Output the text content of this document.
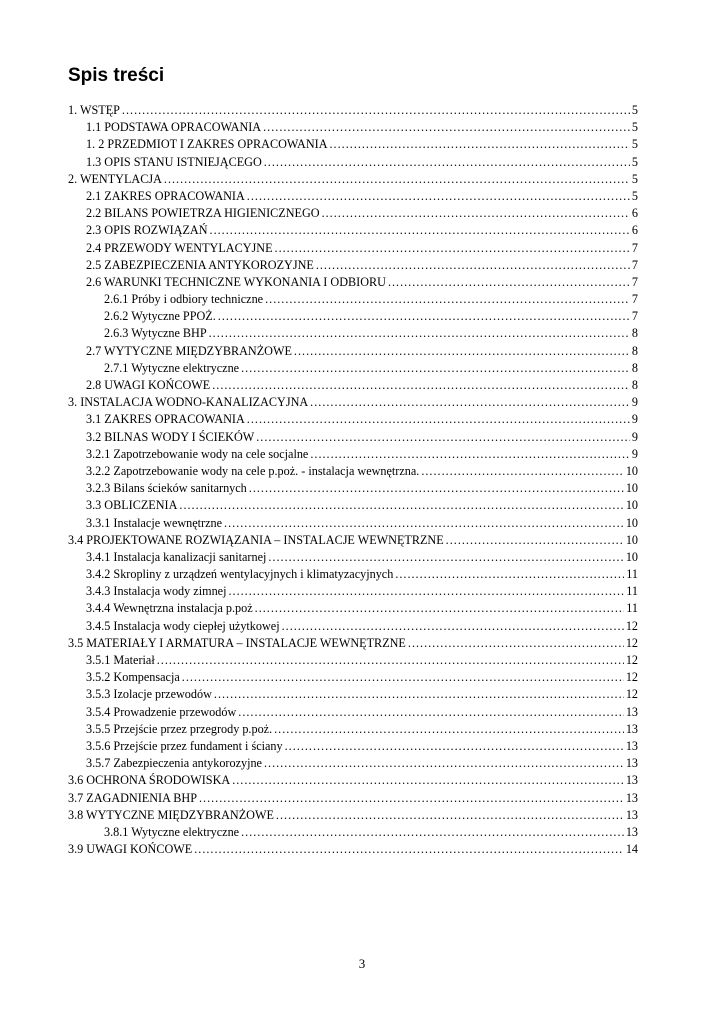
Spis treści
1. WSTĘP .....	5
1.1 PODSTAWA OPRACOWANIA .....	5
1. 2 PRZEDMIOT I ZAKRES OPRACOWANIA .....	5
1.3 OPIS STANU ISTNIEJĄCEGO .....	5
2. WENTYLACJA .....	5
2.1 ZAKRES OPRACOWANIA .....	5
2.2 BILANS POWIETRZA HIGIENICZNEGO .....	6
2.3 OPIS ROZWIĄZAŃ .....	6
2.4 PRZEWODY WENTYLACYJNE .....	7
2.5 ZABEZPIECZENIA ANTYKOROZYJNE .....	7
2.6 WARUNKI TECHNICZNE WYKONANIA I ODBIORU .....	7
2.6.1 Próby i odbiory techniczne .....	7
2.6.2 Wytyczne PPOŻ. .....	7
2.6.3 Wytyczne BHP .....	8
2.7 WYTYCZNE MIĘDZYBRANŻOWE .....	8
2.7.1 Wytyczne elektryczne .....	8
2.8 UWAGI KOŃCOWE .....	8
3. INSTALACJA WODNO-KANALIZACYJNA .....	9
3.1 ZAKRES OPRACOWANIA .....	9
3.2 BILNAS WODY I ŚCIEKÓW .....	9
3.2.1 Zapotrzebowanie wody na cele socjalne .....	9
3.2.2 Zapotrzebowanie wody na cele p.poż. - instalacja wewnętrzna. .....	10
3.2.3 Bilans ścieków sanitarnych .....	10
3.3 OBLICZENIA .....	10
3.3.1 Instalacje wewnętrzne .....	10
3.4 PROJEKTOWANE ROZWIĄZANIA – INSTALACJE WEWNĘTRZNE .....	10
3.4.1 Instalacja kanalizacji sanitarnej .....	10
3.4.2 Skropliny z urządzeń wentylacyjnych i klimatyzacyjnych .....	11
3.4.3 Instalacja wody zimnej .....	11
3.4.4 Wewnętrzna instalacja p.poż .....	11
3.4.5 Instalacja wody ciepłej użytkowej .....	12
3.5 MATERIAŁY I ARMATURA – INSTALACJE WEWNĘTRZNE .....	12
3.5.1 Materiał .....	12
3.5.2 Kompensacja .....	12
3.5.3 Izolacje przewodów .....	12
3.5.4 Prowadzenie przewodów .....	13
3.5.5 Przejście przez przegrody p.poż. .....	13
3.5.6 Przejście przez fundament i ściany .....	13
3.5.7 Zabezpieczenia antykorozyjne .....	13
3.6 OCHRONA ŚRODOWISKA .....	13
3.7 ZAGADNIENIA BHP .....	13
3.8 WYTYCZNE MIĘDZYBRANŻOWE .....	13
3.8.1 Wytyczne elektryczne .....	13
3.9 UWAGI KOŃCOWE .....	14
3
